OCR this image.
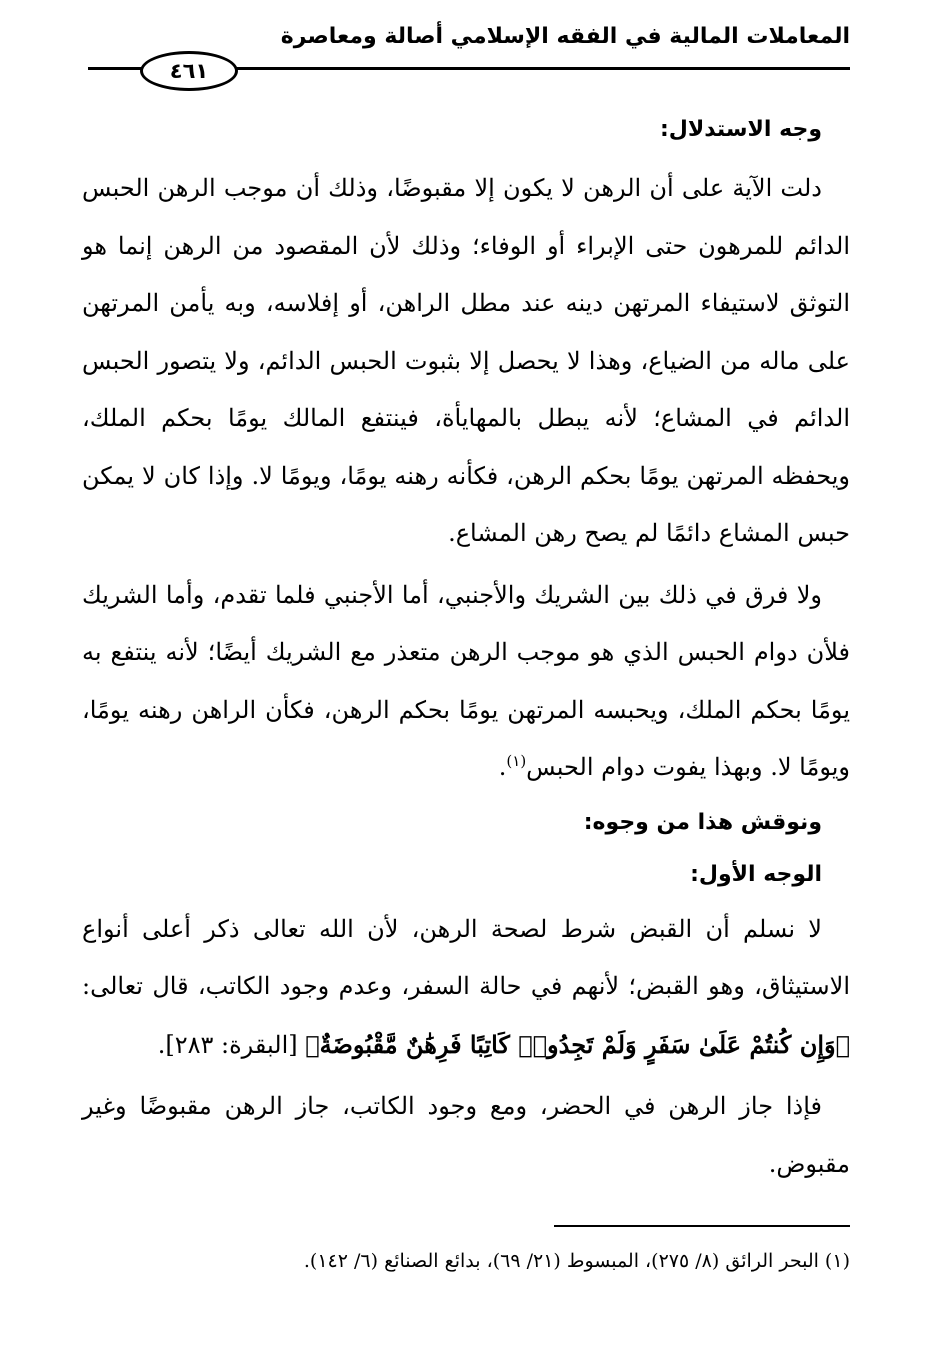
المعاملات المالية في الفقه الإسلامي أصالة ومعاصرة
٤٦١

وجه الاستدلال:

دلت الآية على أن الرهن لا يكون إلا مقبوضًا، وذلك أن موجب الرهن الحبس الدائم للمرهون حتى الإبراء أو الوفاء؛ وذلك لأن المقصود من الرهن إنما هو التوثق لاستيفاء المرتهن دينه عند مطل الراهن، أو إفلاسه، وبه يأمن المرتهن على ماله من الضياع، وهذا لا يحصل إلا بثبوت الحبس الدائم، ولا يتصور الحبس الدائم في المشاع؛ لأنه يبطل بالمهايأة، فينتفع المالك يومًا بحكم الملك، ويحفظه المرتهن يومًا بحكم الرهن، فكأنه رهنه يومًا، ويومًا لا. وإذا كان لا يمكن حبس المشاع دائمًا لم يصح رهن المشاع.

ولا فرق في ذلك بين الشريك والأجنبي، أما الأجنبي فلما تقدم، وأما الشريك فلأن دوام الحبس الذي هو موجب الرهن متعذر مع الشريك أيضًا؛ لأنه ينتفع به يومًا بحكم الملك، ويحبسه المرتهن يومًا بحكم الرهن، فكأن الراهن رهنه يومًا، ويومًا لا. وبهذا يفوت دوام الحبس$^{(١)}$.

ونوقش هذا من وجوه:

الوجه الأول:

لا نسلم أن القبض شرط لصحة الرهن، لأن الله تعالى ذكر أعلى أنواع الاستيثاق، وهو القبض؛ لأنهم في حالة السفر، وعدم وجود الكاتب، قال تعالى: ﴿وَإِن كُنتُمْ عَلَىٰ سَفَرٍ وَلَمْ تَجِدُوا۟ كَاتِبًا فَرِهَٰنٌ مَّقْبُوضَةٌ﴾ [البقرة: ٢٨٣].

فإذا جاز الرهن في الحضر، ومع وجود الكاتب، جاز الرهن مقبوضًا وغير مقبوض.

(١) البحر الرائق (٨/ ٢٧٥)، المبسوط (٢١/ ٦٩)، بدائع الصنائع (٦/ ١٤٢).
